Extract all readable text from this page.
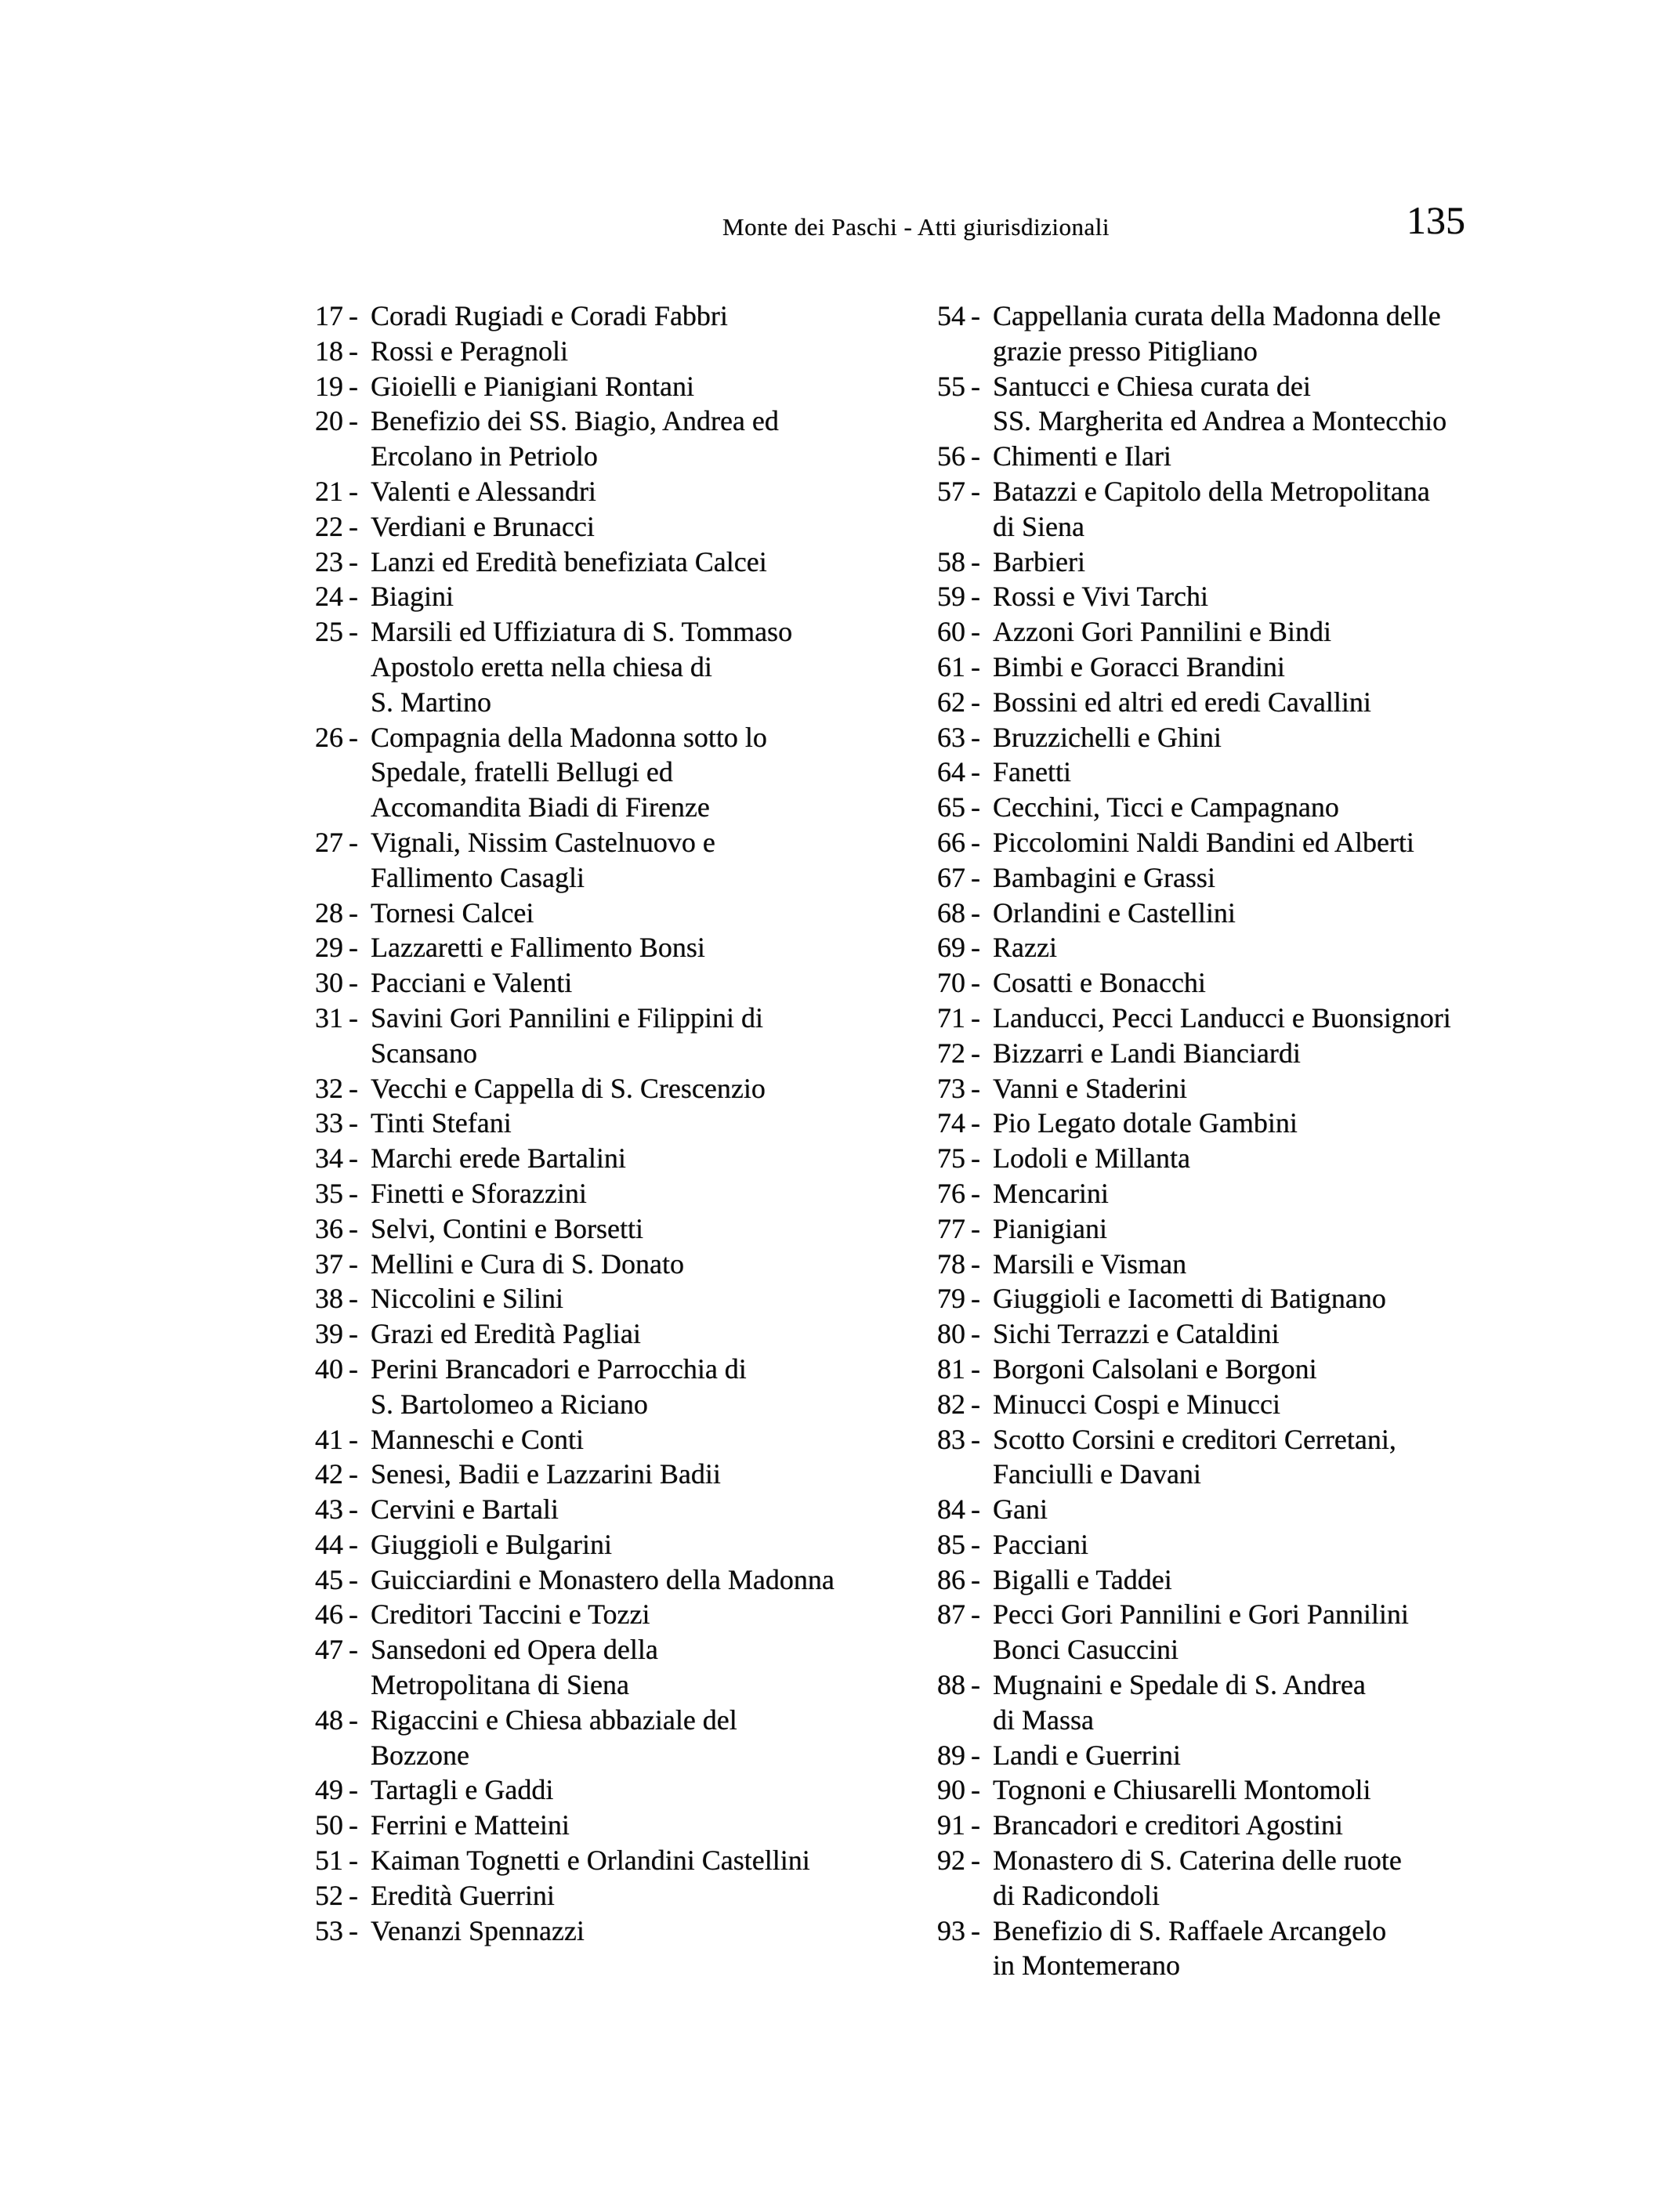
Monte dei Paschi - Atti giurisdizionali	135
17 - Coradi Rugiadi e Coradi Fabbri
18 - Rossi e Peragnoli
19 - Gioielli e Pianigiani Rontani
20 - Benefizio dei SS. Biagio, Andrea ed
Ercolano in Petriolo
21 - Valenti e Alessandri
22 - Verdiani e Brunacci
23 - Lanzi ed Eredità benefiziata Calcei
24 - Biagini
25 - Marsili ed Uffiziatura di S. Tommaso
Apostolo eretta nella chiesa di
S. Martino
26 - Compagnia della Madonna sotto lo
Spedale, fratelli Bellugi ed
Accomandita Biadi di Firenze
27 - Vignali, Nissim Castelnuovo e
Fallimento Casagli
28 - Tornesi Calcei
29 - Lazzaretti e Fallimento Bonsi
30 - Pacciani e Valenti
31 - Savini Gori Pannilini e Filippini di
Scansano
32 - Vecchi e Cappella di S. Crescenzio
33 - Tinti Stefani
34 - Marchi erede Bartalini
35 - Finetti e Sforazzini
36 - Selvi, Contini e Borsetti
37 - Mellini e Cura di S. Donato
38 - Niccolini e Silini
39 - Grazi ed Eredità Pagliai
40 - Perini Brancadori e Parrocchia di
S. Bartolomeo a Riciano
41 - Manneschi e Conti
42 - Senesi, Badii e Lazzarini Badii
43 - Cervini e Bartali
44 - Giuggioli e Bulgarini
45 - Guicciardini e Monastero della Madonna
46 - Creditori Taccini e Tozzi
47 - Sansedoni ed Opera della
Metropolitana di Siena
48 - Rigaccini e Chiesa abbaziale del
Bozzone
49 - Tartagli e Gaddi
50 - Ferrini e Matteini
51 - Kaiman Tognetti e Orlandini Castellini
52 - Eredità Guerrini
53 - Venanzi Spennazzi
54 - Cappellania curata della Madonna delle
grazie presso Pitigliano
55 - Santucci e Chiesa curata dei
SS. Margherita ed Andrea a Montecchio
56 - Chimenti e Ilari
57 - Batazzi e Capitolo della Metropolitana
di Siena
58 - Barbieri
59 - Rossi e Vivi Tarchi
60 - Azzoni Gori Pannilini e Bindi
61 - Bimbi e Goracci Brandini
62 - Bossini ed altri ed eredi Cavallini
63 - Bruzzichelli e Ghini
64 - Fanetti
65 - Cecchini, Ticci e Campagnano
66 - Piccolomini Naldi Bandini ed Alberti
67 - Bambagini e Grassi
68 - Orlandini e Castellini
69 - Razzi
70 - Cosatti e Bonacchi
71 - Landucci, Pecci Landucci e Buonsignori
72 - Bizzarri e Landi Bianciardi
73 - Vanni e Staderini
74 - Pio Legato dotale Gambini
75 - Lodoli e Millanta
76 - Mencarini
77 - Pianigiani
78 - Marsili e Visman
79 - Giuggioli e Iacometti di Batignano
80 - Sichi Terrazzi e Cataldini
81 - Borgoni Calsolani e Borgoni
82 - Minucci Cospi e Minucci
83 - Scotto Corsini e creditori Cerretani,
Fanciulli e Davani
84 - Gani
85 - Pacciani
86 - Bigalli e Taddei
87 - Pecci Gori Pannilini e Gori Pannilini
Bonci Casuccini
88 - Mugnaini e Spedale di S. Andrea
di Massa
89 - Landi e Guerrini
90 - Tognoni e Chiusarelli Montomoli
91 - Brancadori e creditori Agostini
92 - Monastero di S. Caterina delle ruote
di Radicondoli
93 - Benefizio di S. Raffaele Arcangelo
in Montemerano
